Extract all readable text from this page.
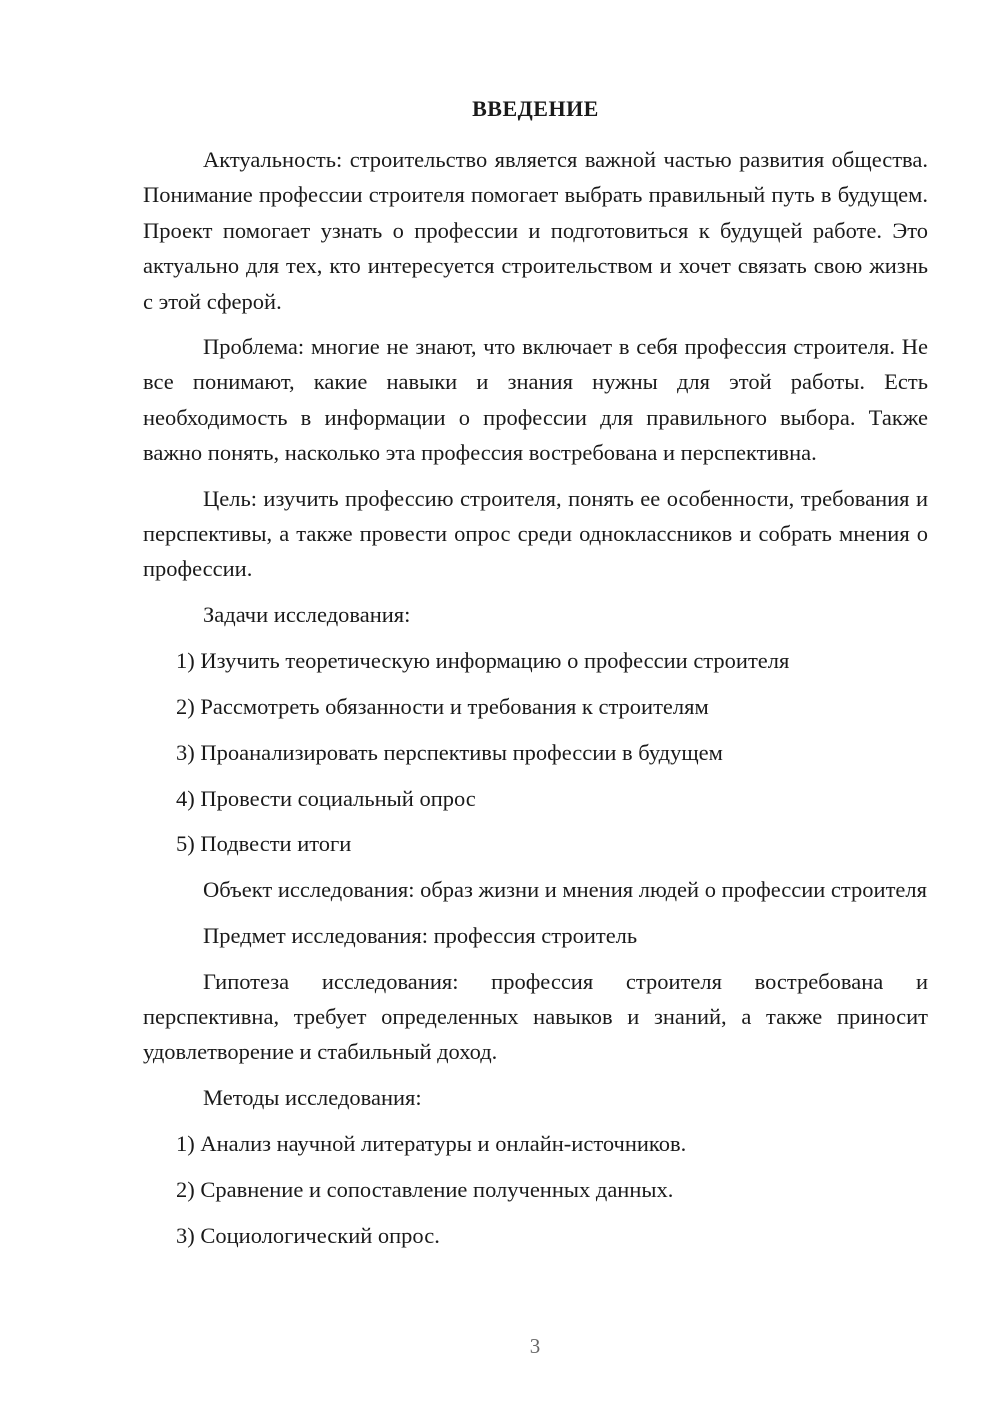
ВВЕДЕНИЕ

Актуальность: строительство является важной частью развития общества. Понимание профессии строителя помогает выбрать правильный путь в будущем. Проект помогает узнать о профессии и подготовиться к будущей работе. Это актуально для тех, кто интересуется строительством и хочет связать свою жизнь с этой сферой.

Проблема: многие не знают, что включает в себя профессия строителя. Не все понимают, какие навыки и знания нужны для этой работы. Есть необходимость в информации о профессии для правильного выбора. Также важно понять, насколько эта профессия востребована и перспективна.

Цель: изучить профессию строителя, понять ее особенности, требования и перспективы, а также провести опрос среди одноклассников и собрать мнения о профессии.

Задачи исследования:

1) Изучить теоретическую информацию о профессии строителя

2) Рассмотреть обязанности и требования к строителям

3) Проанализировать перспективы профессии в будущем

4) Провести социальный опрос

5) Подвести итоги

Объект исследования: образ жизни и мнения людей о профессии строителя

Предмет исследования: профессия строитель

Гипотеза исследования: профессия строителя востребована и перспективна, требует определенных навыков и знаний, а также приносит удовлетворение и стабильный доход.

Методы исследования:

1) Анализ научной литературы и онлайн-источников.

2) Сравнение и сопоставление полученных данных.

3) Социологический опрос.

3
